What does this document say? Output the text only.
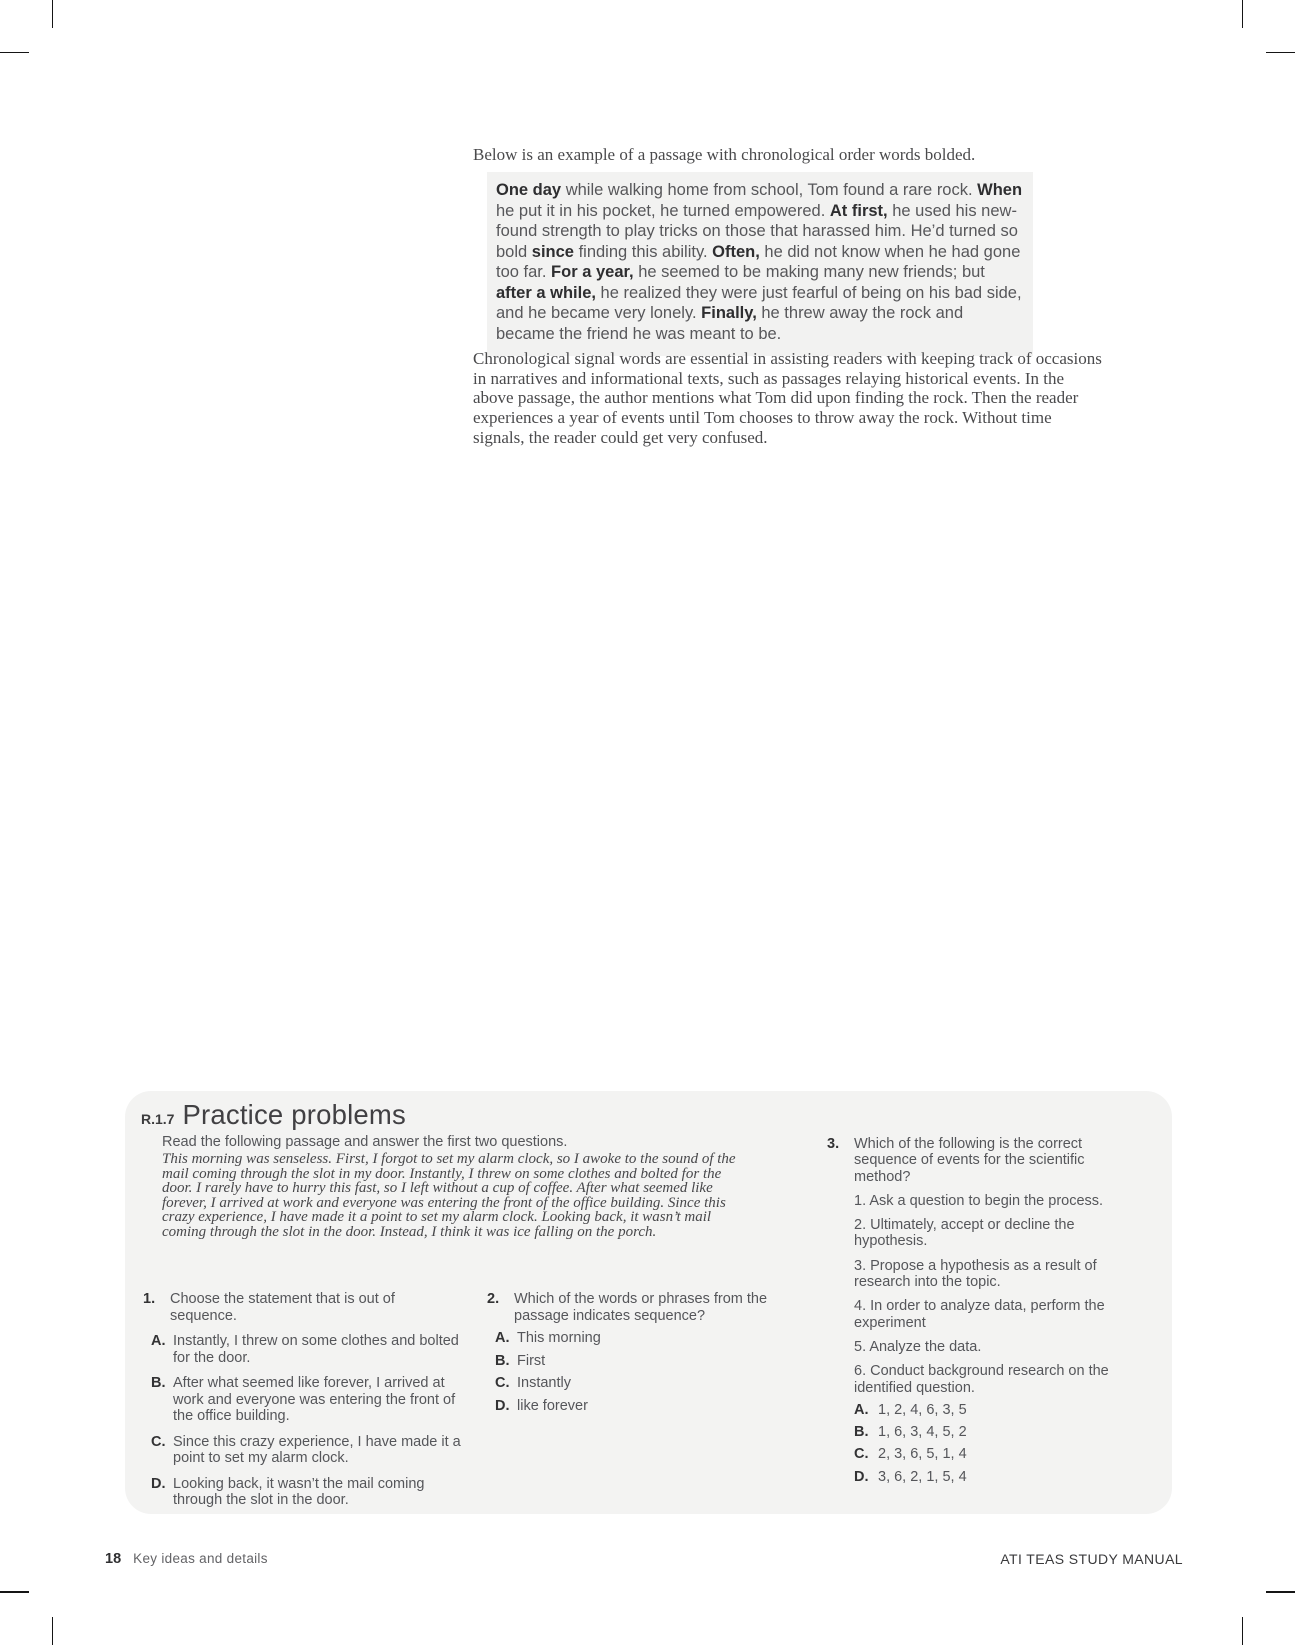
Below is an example of a passage with chronological order words bolded.

One day while walking home from school, Tom found a rare rock. When he put it in his pocket, he turned empowered. At first, he used his new-found strength to play tricks on those that harassed him. He’d turned so bold since finding this ability. Often, he did not know when he had gone too far. For a year, he seemed to be making many new friends; but after a while, he realized they were just fearful of being on his bad side, and he became very lonely. Finally, he threw away the rock and became the friend he was meant to be.

Chronological signal words are essential in assisting readers with keeping track of occasions in narratives and informational texts, such as passages relaying historical events. In the above passage, the author mentions what Tom did upon finding the rock. Then the reader experiences a year of events until Tom chooses to throw away the rock. Without time signals, the reader could get very confused.

R.1.7 Practice problems

Read the following passage and answer the first two questions.

This morning was senseless. First, I forgot to set my alarm clock, so I awoke to the sound of the mail coming through the slot in my door. Instantly, I threw on some clothes and bolted for the door. I rarely have to hurry this fast, so I left without a cup of coffee. After what seemed like forever, I arrived at work and everyone was entering the front of the office building. Since this crazy experience, I have made it a point to set my alarm clock. Looking back, it wasn’t mail coming through the slot in the door. Instead, I think it was ice falling on the porch.

1.	Choose the statement that is out of sequence.
A. Instantly, I threw on some clothes and bolted for the door.
B. After what seemed like forever, I arrived at work and everyone was entering the front of the office building.
C. Since this crazy experience, I have made it a point to set my alarm clock.
D. Looking back, it wasn’t the mail coming through the slot in the door.
2.	Which of the words or phrases from the passage indicates sequence?
A. This morning
B. First
C. Instantly
D. like forever
3.	Which of the following is the correct sequence of events for the scientific method?

1. Ask a question to begin the process.

2. Ultimately, accept or decline the hypothesis.

3. Propose a hypothesis as a result of research into the topic.

4. In order to analyze data, perform the experiment

5. Analyze the data.

6. Conduct background research on the identified question.

A. 1, 2, 4, 6, 3, 5
B. 1, 6, 3, 4, 5, 2
C. 2, 3, 6, 5, 1, 4
D. 3, 6, 2, 1, 5, 4
18 Key ideas and details	ATI TEAS STUDY MANUAL
